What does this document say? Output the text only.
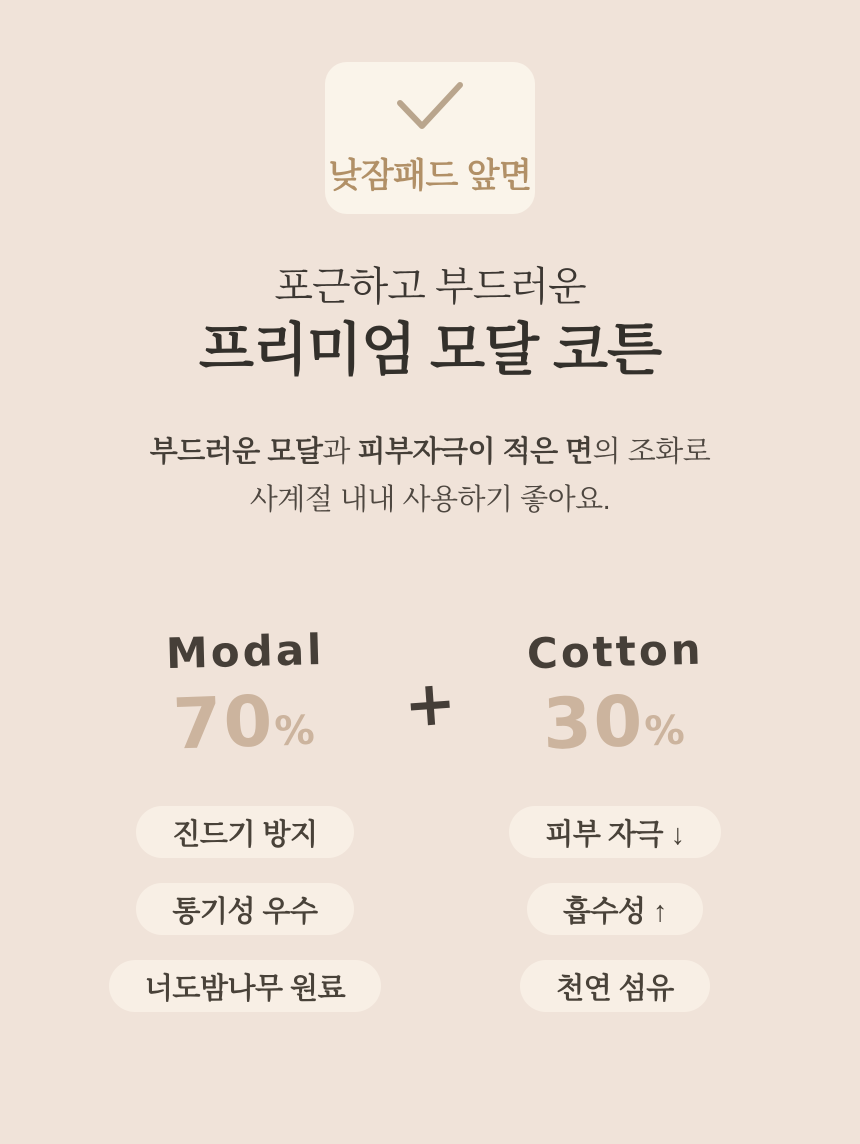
낮잠패드 앞면
포근하고 부드러운
프리미엄 모달 코튼

부드러운 모달과 피부자극이 적은 면의 조화로
사계절 내내 사용하기 좋아요.

Modal
70%	+
Cotton
30%
진드기 방지
통기성 우수
너도밤나무 원료
피부 자극 ↓
흡수성 ↑
천연 섬유
